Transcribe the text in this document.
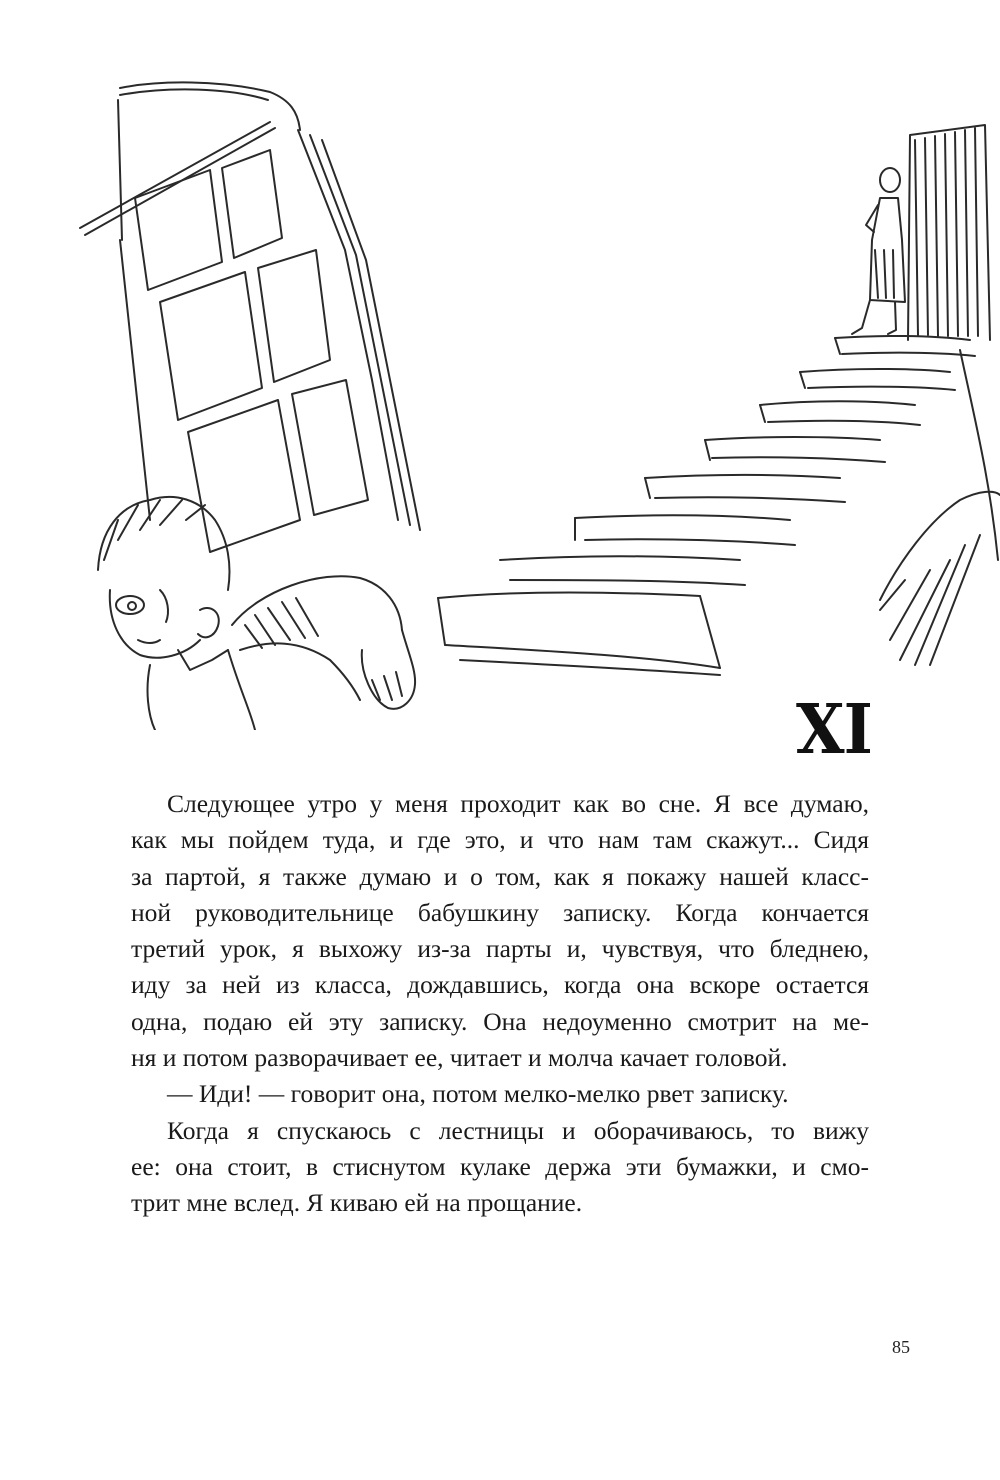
XI

Следующее утро у меня проходит как во сне. Я все думаю,
как мы пойдем туда, и где это, и что нам там скажут... Сидя
за партой, я также думаю и о том, как я покажу нашей класс-
ной руководительнице бабушкину записку. Когда кончается
третий урок, я выхожу из-за парты и, чувствуя, что бледнею,
иду за ней из класса, дождавшись, когда она вскоре остается
одна, подаю ей эту записку. Она недоуменно смотрит на ме-
ня и потом разворачивает ее, читает и молча качает головой.

— Иди! — говорит она, потом мелко-мелко рвет записку.

Когда я спускаюсь с лестницы и оборачиваюсь, то вижу
ее: она стоит, в стиснутом кулаке держа эти бумажки, и смо-
трит мне вслед. Я киваю ей на прощание.

85
